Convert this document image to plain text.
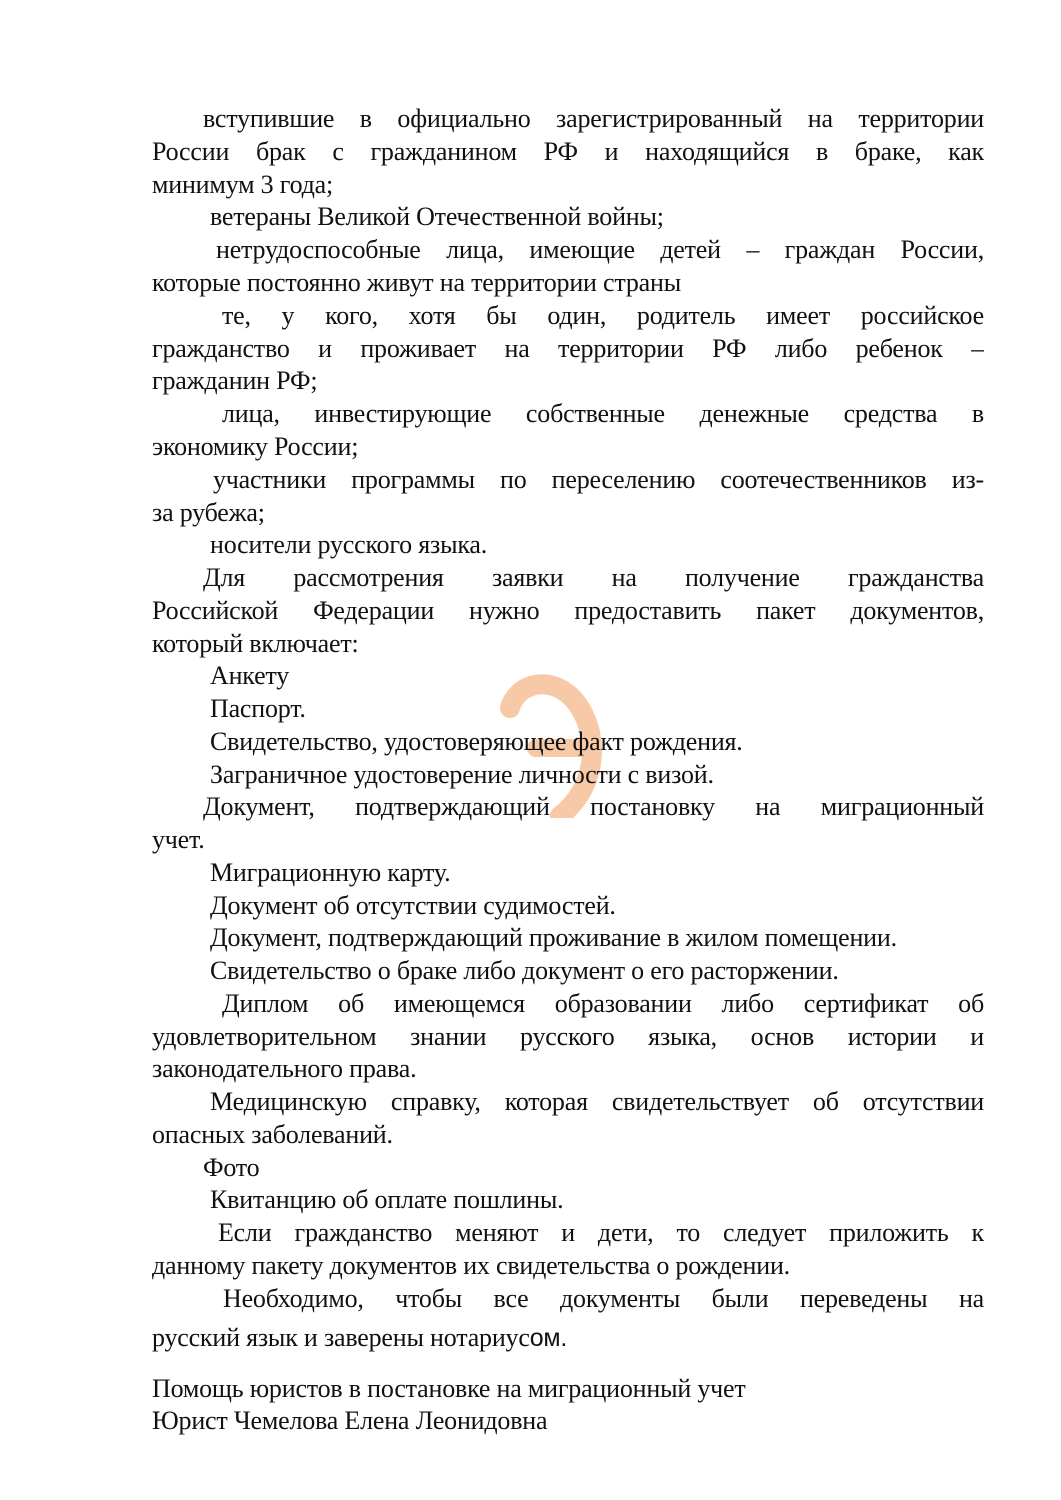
вступившие в официально зарегистрированный на территории
России брак с гражданином РФ и находящийся в браке, как
минимум 3 года;
ветераны Великой Отечественной войны;
нетрудоспособные лица, имеющие детей – граждан России,
которые постоянно живут на территории страны
те, у кого, хотя бы один, родитель имеет российское
гражданство и проживает на территории РФ либо ребенок –
гражданин РФ;
лица, инвестирующие собственные денежные средства в
экономику России;
участники программы по переселению соотечественников из-
за рубежа;
носители русского языка.
Для рассмотрения заявки на получение гражданства
Российской Федерации нужно предоставить пакет документов,
который включает:
Анкету
Паспорт.
Свидетельство, удостоверяющее факт рождения.
Заграничное удостоверение личности с визой.
Документ, подтверждающий постановку на миграционный
учет.
Миграционную карту.
Документ об отсутствии судимостей.
Документ, подтверждающий проживание в жилом помещении.
Свидетельство о браке либо документ о его расторжении.
Диплом об имеющемся образовании либо сертификат об
удовлетворительном знании русского языка, основ истории и
законодательного права.
Медицинскую справку, которая свидетельствует об отсутствии
опасных заболеваний.
Фото
Квитанцию об оплате пошлины.
Если гражданство меняют и дети, то следует приложить к
данному пакету документов их свидетельства о рождении.
Необходимо, чтобы все документы были переведены на
русский язык и заверены нотариусом.
Помощь юристов в постановке на миграционный учет
Юрист Чемелова Елена Леонидовна
